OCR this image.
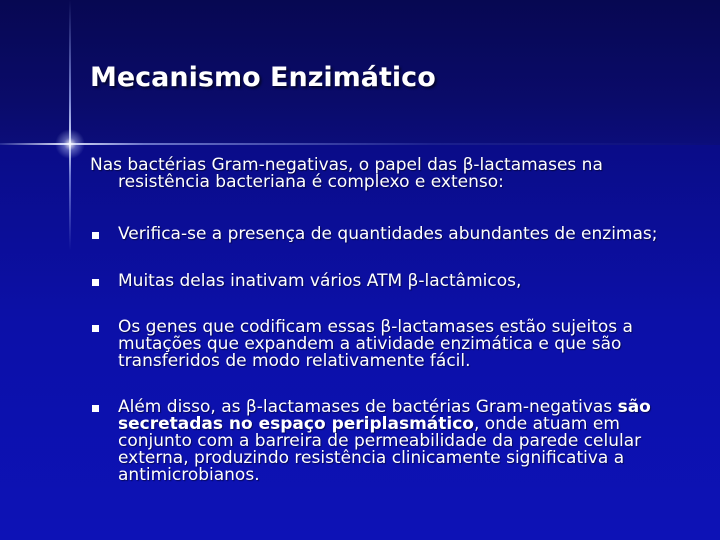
Mecanismo Enzimático

Nas bactérias Gram-negativas, o papel das β-lactamases na resistência bacteriana é complexo e extenso:

Verifica-se a presença de quantidades abundantes de enzimas;
Muitas delas inativam vários ATM β-lactâmicos,
Os genes que codificam essas β-lactamases estão sujeitos a mutações que expandem a atividade enzimática e que são transferidos de modo relativamente fácil.
Além disso, as β-lactamases de bactérias Gram-negativas são secretadas no espaço periplasmático, onde atuam em conjunto com a barreira de permeabilidade da parede celular externa, produzindo resistência clinicamente significativa a antimicrobianos.
